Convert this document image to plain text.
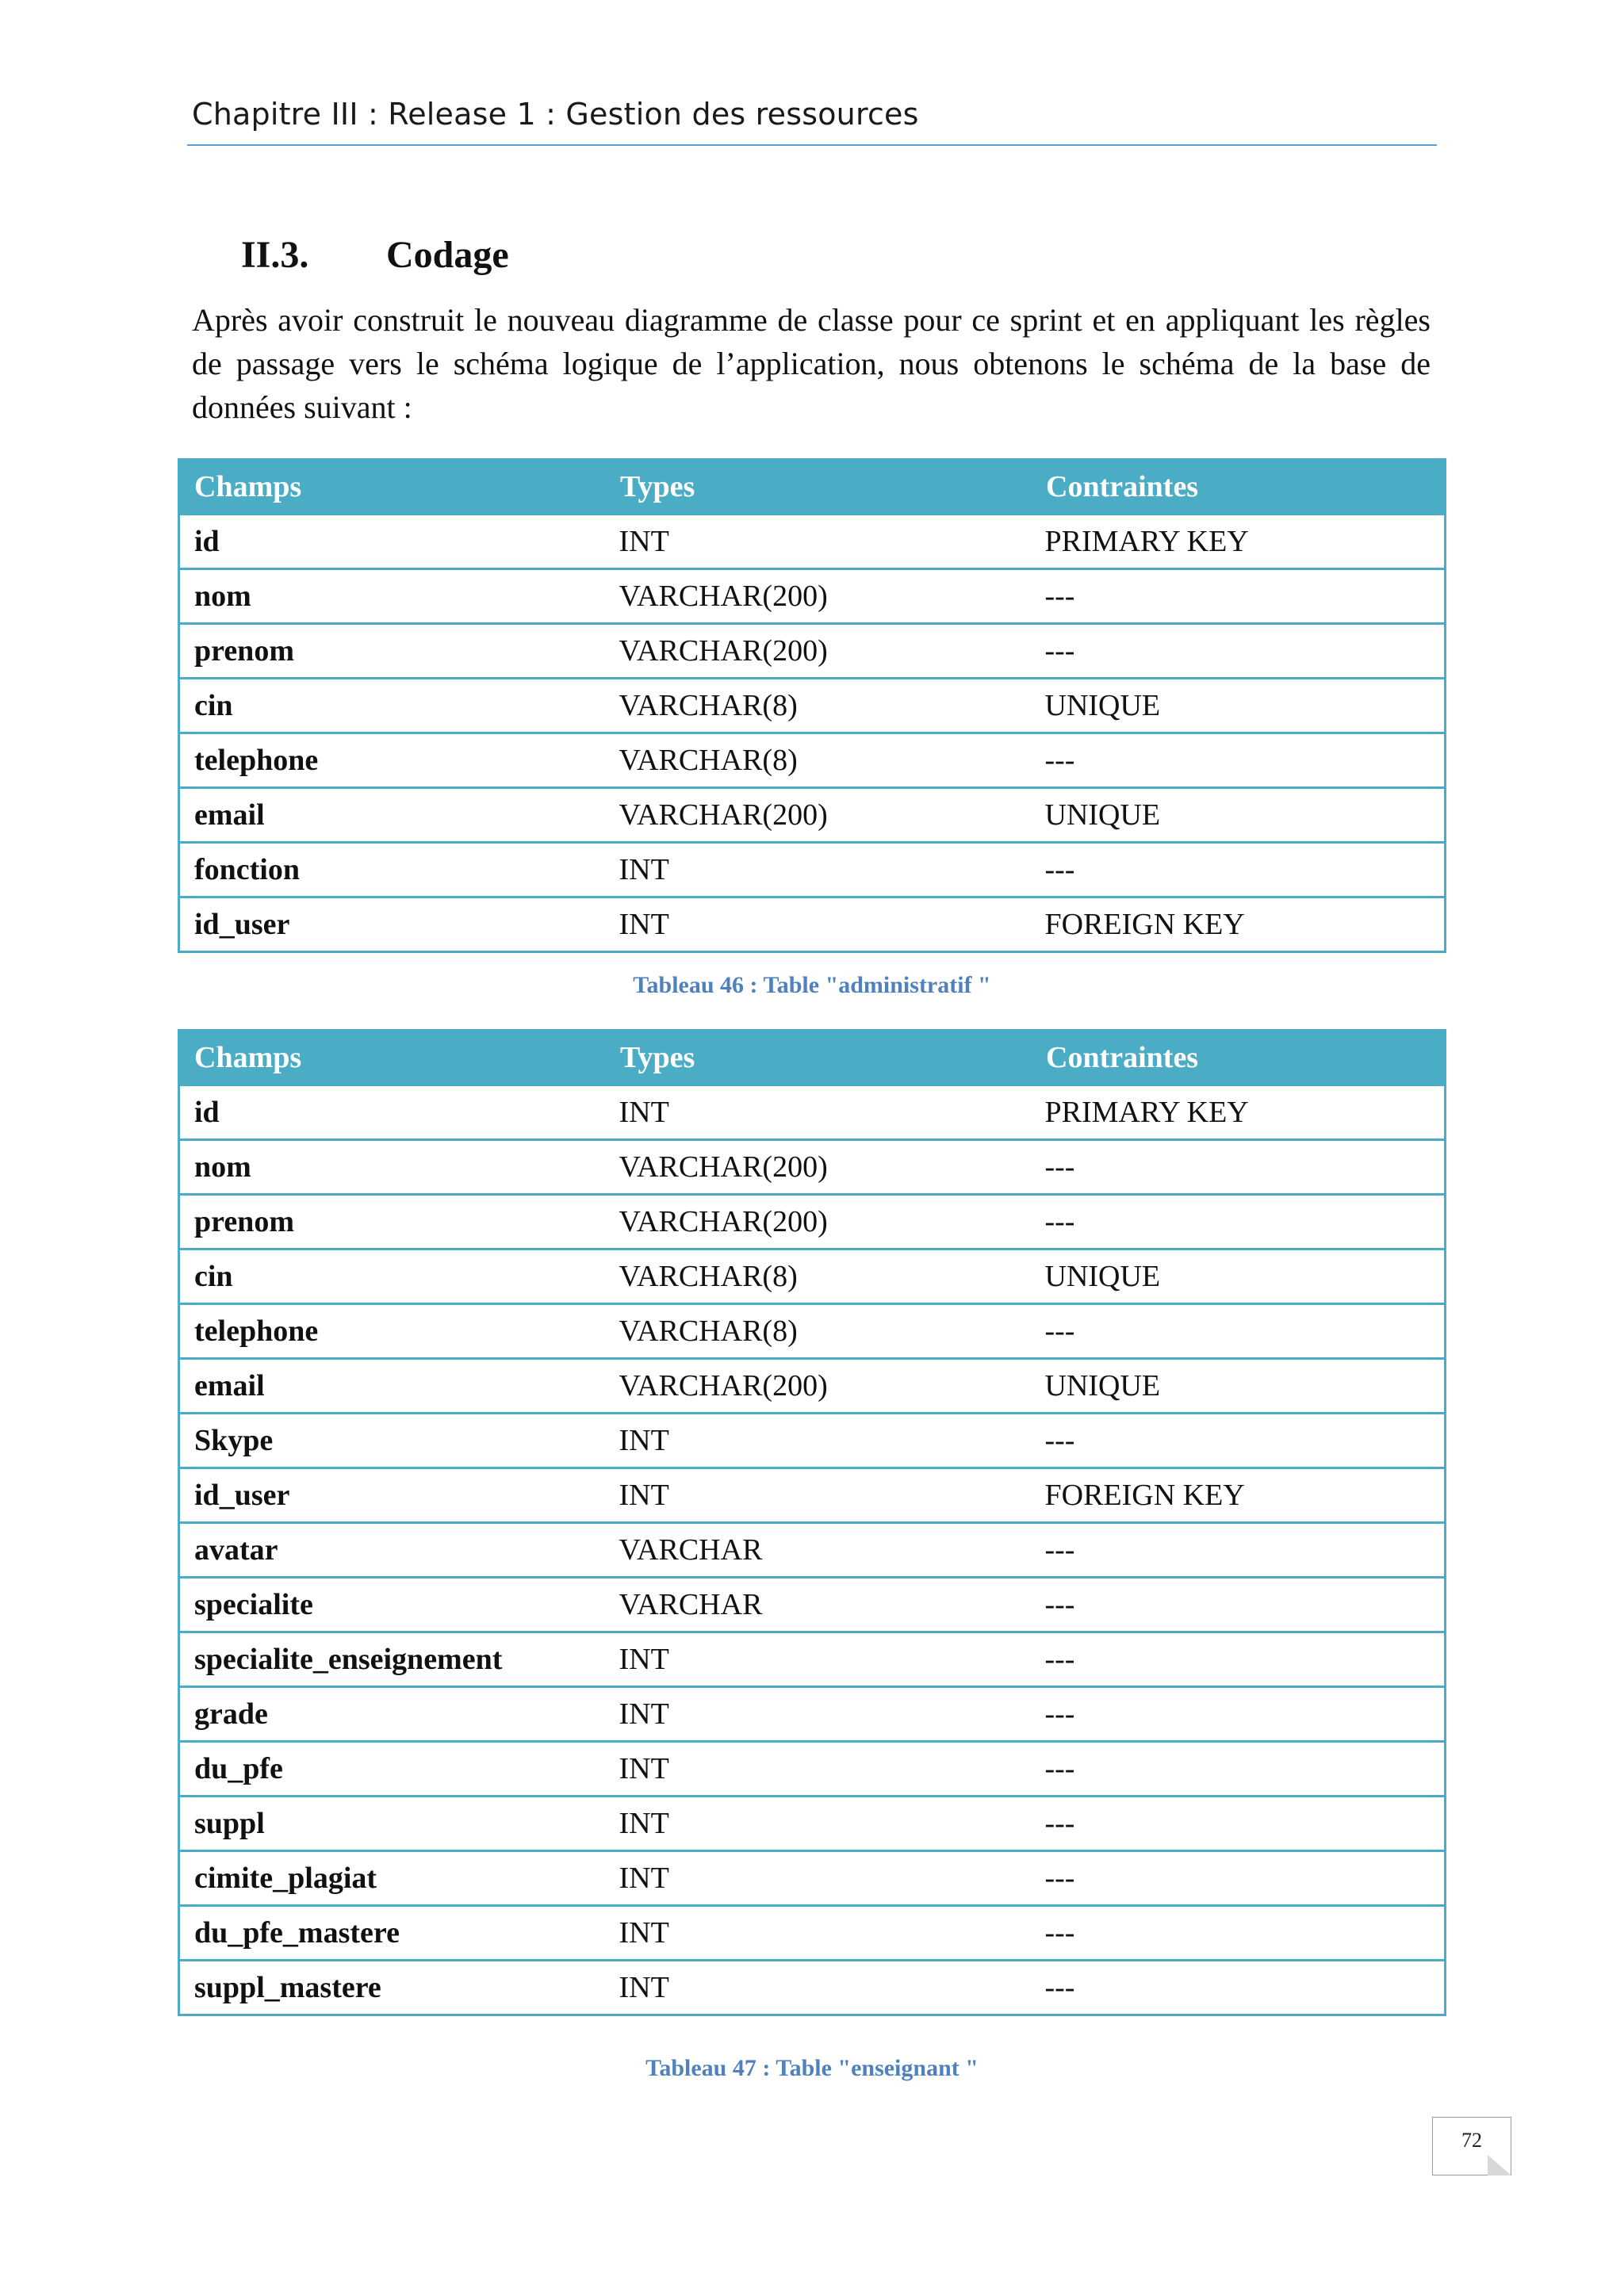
Chapitre III : Release 1 : Gestion des ressources
II.3. Codage
Après avoir construit le nouveau diagramme de classe pour ce sprint et en appliquant les règles de passage vers le schéma logique de l’application, nous obtenons le schéma de la base de données suivant :
Champs	Types	Contraintes
id	INT	PRIMARY KEY
nom	VARCHAR(200)	---
prenom	VARCHAR(200)	---
cin	VARCHAR(8)	UNIQUE
telephone	VARCHAR(8)	---
email	VARCHAR(200)	UNIQUE
fonction	INT	---
id_user	INT	FOREIGN KEY
Tableau 46 : Table "administratif "
Champs	Types	Contraintes
id	INT	PRIMARY KEY
nom	VARCHAR(200)	---
prenom	VARCHAR(200)	---
cin	VARCHAR(8)	UNIQUE
telephone	VARCHAR(8)	---
email	VARCHAR(200)	UNIQUE
Skype	INT	---
id_user	INT	FOREIGN KEY
avatar	VARCHAR	---
specialite	VARCHAR	---
specialite_enseignement	INT	---
grade	INT	---
du_pfe	INT	---
suppl	INT	---
cimite_plagiat	INT	---
du_pfe_mastere	INT	---
suppl_mastere	INT	---
Tableau 47 : Table "enseignant "
72
